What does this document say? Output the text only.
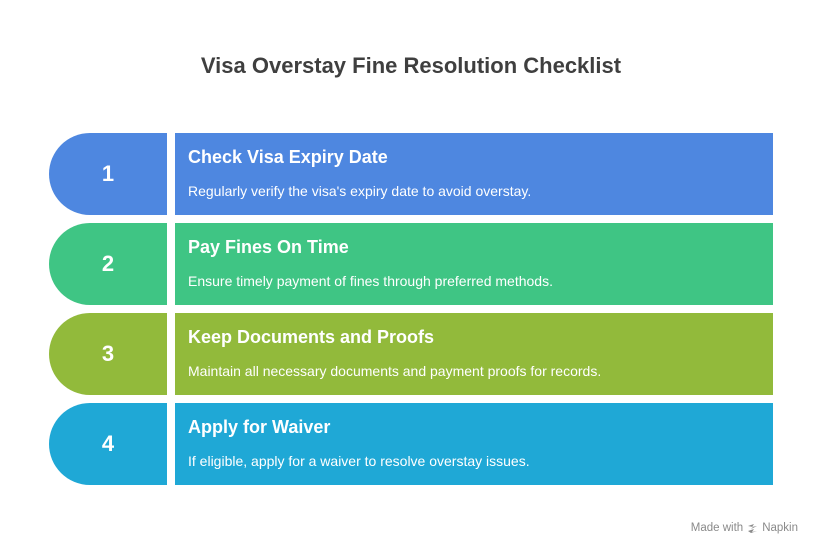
Visa Overstay Fine Resolution Checklist
1
Check Visa Expiry Date
Regularly verify the visa's expiry date to avoid overstay.
2
Pay Fines On Time
Ensure timely payment of fines through preferred methods.
3
Keep Documents and Proofs
Maintain all necessary documents and payment proofs for records.
4
Apply for Waiver
If eligible, apply for a waiver to resolve overstay issues.
Made with Napkin
